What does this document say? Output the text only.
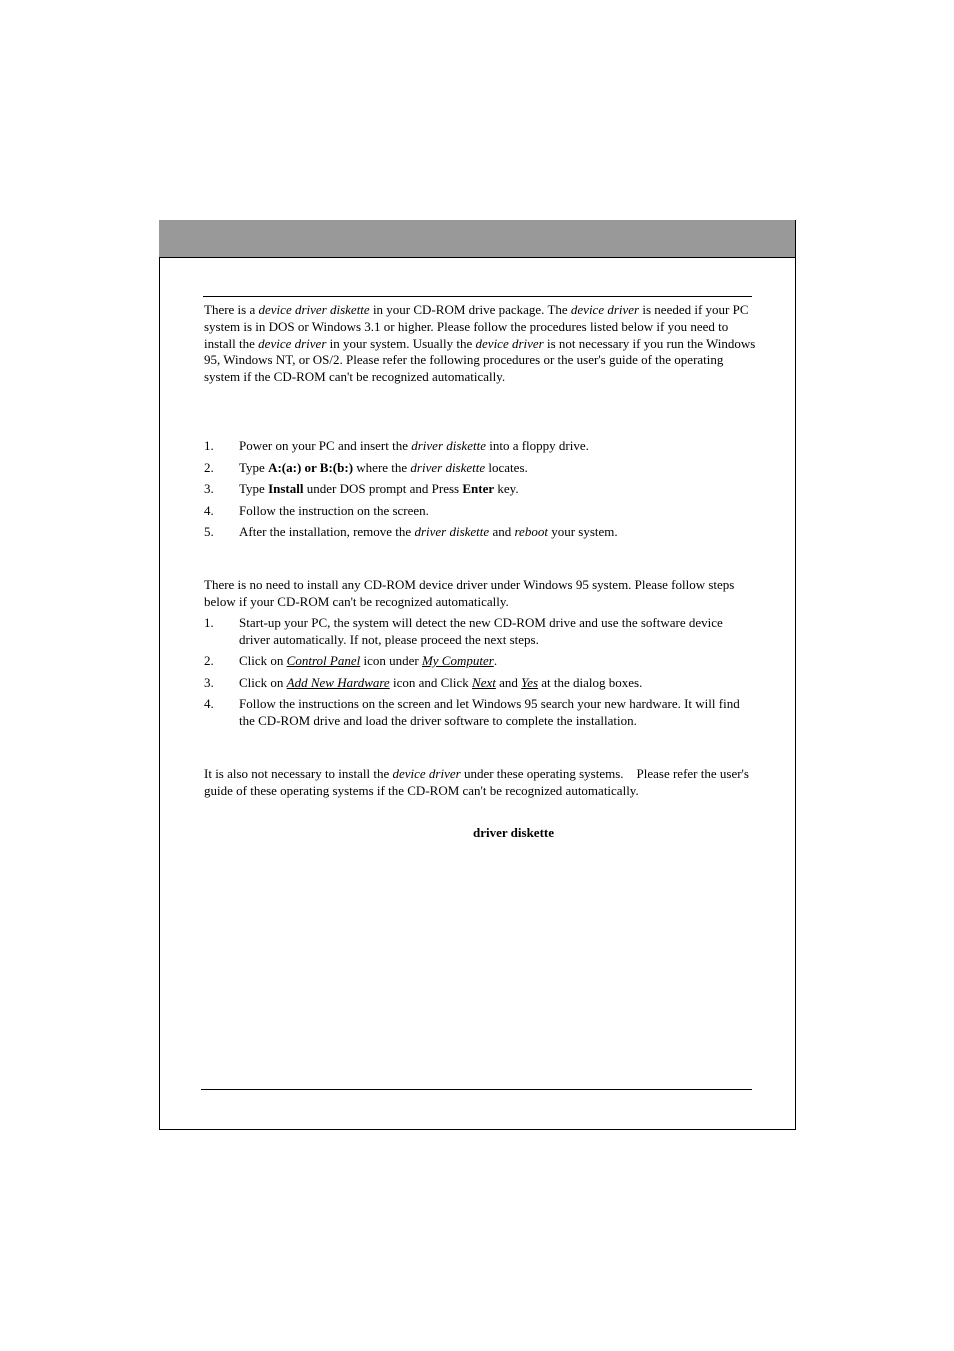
There is a device driver diskette in your CD-ROM drive package. The device driver is needed if your PC system is in DOS or Windows 3.1 or higher. Please follow the procedures listed below if you need to install the device driver in your system. Usually the device driver is not necessary if you run the Windows 95, Windows NT, or OS/2. Please refer the following procedures or the user's guide of the operating system if the CD-ROM can't be recognized automatically.

1. Power on your PC and insert the driver diskette into a floppy drive.
2. Type A:(a:) or B:(b:) where the driver diskette locates.
3. Type Install under DOS prompt and Press Enter key.
4. Follow the instruction on the screen.
5. After the installation, remove the driver diskette and reboot your system.

There is no need to install any CD-ROM device driver under Windows 95 system. Please follow steps below if your CD-ROM can't be recognized automatically.

1. Start-up your PC, the system will detect the new CD-ROM drive and use the software device driver automatically. If not, please proceed the next steps.
2. Click on Control Panel icon under My Computer.
3. Click on Add New Hardware icon and Click Next and Yes at the dialog boxes.
4. Follow the instructions on the screen and let Windows 95 search your new hardware. It will find the CD-ROM drive and load the driver software to complete the installation.

It is also not necessary to install the device driver under these operating systems.    Please refer the user's guide of these operating systems if the CD-ROM can't be recognized automatically.

driver diskette
